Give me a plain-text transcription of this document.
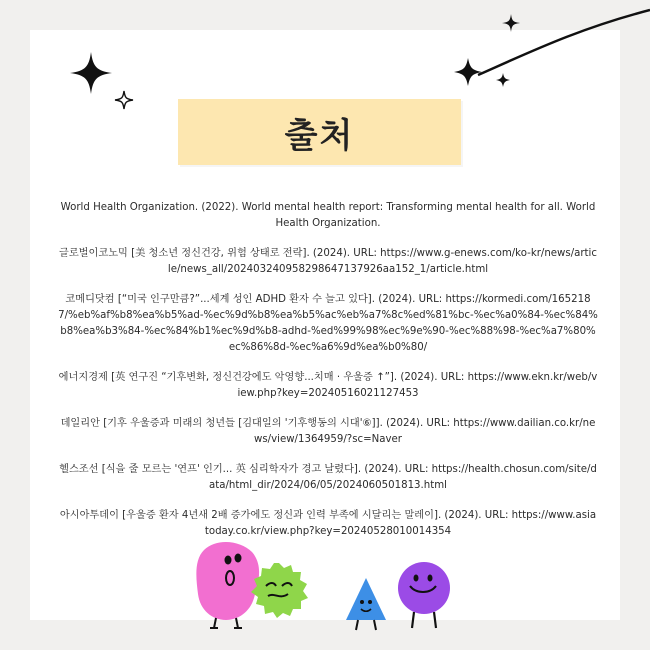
출처

World Health Organization. (2022). World mental health report: Transforming mental health for all. World Health Organization.

글로벌이코노믹 [美 청소년 정신건강, 위험 상태로 전락]. (2024). URL: https://www.g-enews.com/ko-kr/news/article/news_all/202403240958298647137926aa152_1/article.html

코메디닷컴 [“미국 인구만큼?”...세계 성인 ADHD 환자 수 늘고 있다]. (2024). URL: https://kormedi.com/1652187/%eb%af%b8%ea%b5%ad-%ec%9d%b8%ea%b5%ac%eb%a7%8c%ed%81%bc-%ec%a0%84-%ec%84%b8%ea%b3%84-%ec%84%b1%ec%9d%b8-adhd-%ed%99%98%ec%9e%90-%ec%88%98-%ec%a7%80%ec%86%8d-%ec%a6%9d%ea%b0%80/

에너지경제 [英 연구진 “기후변화, 정신건강에도 악영향...치매 · 우울증 ↑”]. (2024). URL: https://www.ekn.kr/web/view.php?key=20240516021127453

데일리안 [기후 우울증과 미래의 청년들 [김대일의 '기후행동의 시대'⑥]]. (2024). URL: https://www.dailian.co.kr/news/view/1364959/?sc=Naver

헬스조선 [식을 줄 모르는 '연프' 인기... 英 심리학자가 경고 날렸다]. (2024). URL: https://health.chosun.com/site/data/html_dir/2024/06/05/2024060501813.html

아시아투데이 [우울증 환자 4년새 2배 증가에도 정신과 인력 부족에 시달리는 말레이]. (2024). URL: https://www.asiatoday.co.kr/view.php?key=20240528010014354
